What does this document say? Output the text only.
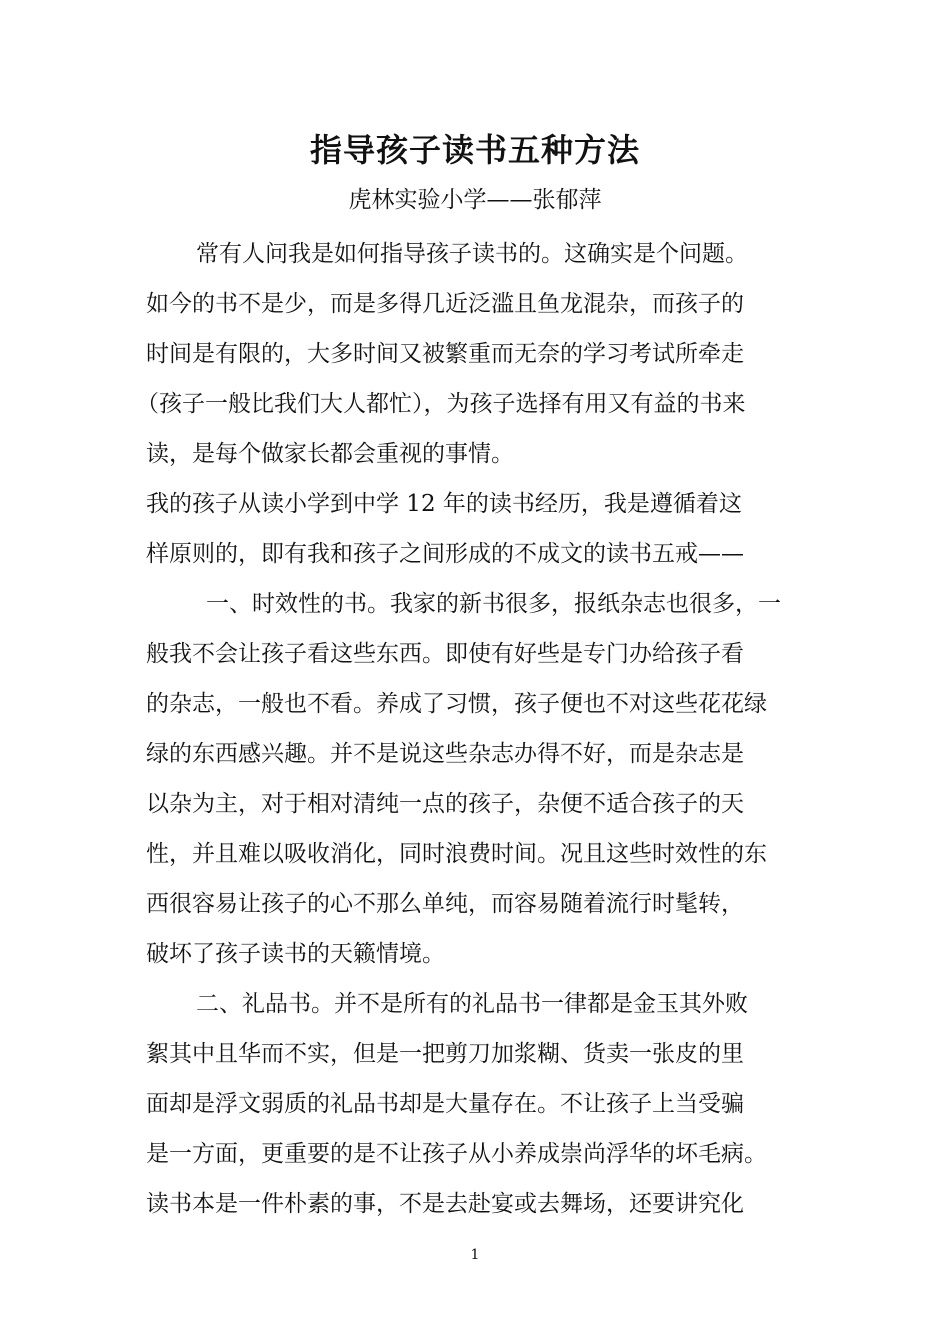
指导孩子读书五种方法
虎林实验小学——张郁萍
常有人问我是如何指导孩子读书的。这确实是个问题。
如今的书不是少，而是多得几近泛滥且鱼龙混杂，而孩子的
时间是有限的，大多时间又被繁重而无奈的学习考试所牵走
（孩子一般比我们大人都忙），为孩子选择有用又有益的书来
读，是每个做家长都会重视的事情。
我的孩子从读小学到中学 12 年的读书经历，我是遵循着这
样原则的，即有我和孩子之间形成的不成文的读书五戒——
一、时效性的书。我家的新书很多，报纸杂志也很多，一
般我不会让孩子看这些东西。即使有好些是专门办给孩子看
的杂志，一般也不看。养成了习惯，孩子便也不对这些花花绿
绿的东西感兴趣。并不是说这些杂志办得不好，而是杂志是
以杂为主，对于相对清纯一点的孩子，杂便不适合孩子的天
性，并且难以吸收消化，同时浪费时间。况且这些时效性的东
西很容易让孩子的心不那么单纯，而容易随着流行时髦转，
破坏了孩子读书的天籁情境。
二、礼品书。并不是所有的礼品书一律都是金玉其外败
絮其中且华而不实，但是一把剪刀加浆糊、货卖一张皮的里
面却是浮文弱质的礼品书却是大量存在。不让孩子上当受骗
是一方面，更重要的是不让孩子从小养成崇尚浮华的坏毛病。
读书本是一件朴素的事，不是去赴宴或去舞场，还要讲究化
1
